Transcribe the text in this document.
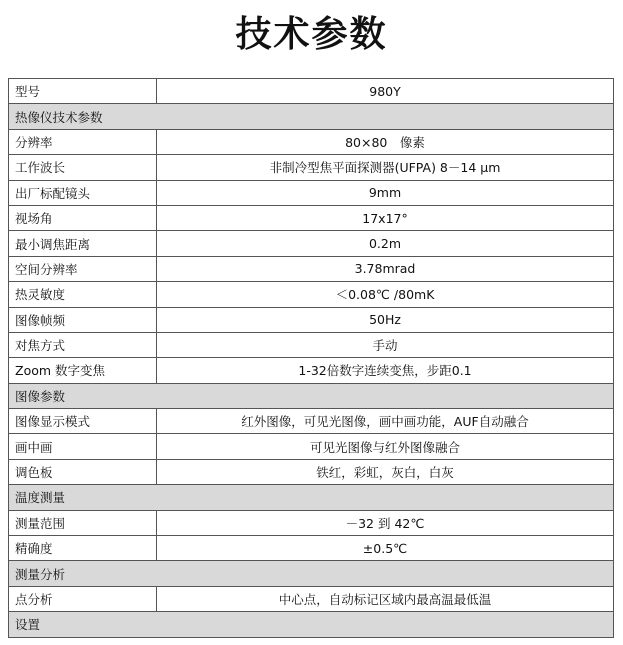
技术参数
型号	980Y
热像仪技术参数	
分辨率	80×80　像素
工作波长	非制冷型焦平面探测器(UFPA) 8－14 μm
出厂标配镜头	9mm
视场角	17x17°
最小调焦距离	0.2m
空间分辨率	3.78mrad
热灵敏度	＜0.08℃ /80mK
图像帧频	50Hz
对焦方式	手动
Zoom 数字变焦	1-32倍数字连续变焦，步距0.1
图像参数	
图像显示模式	红外图像，可见光图像，画中画功能，AUF自动融合
画中画	可见光图像与红外图像融合
调色板	铁红，彩虹，灰白，白灰
温度测量	
测量范围	－32 到 42℃
精确度	±0.5℃
测量分析	
点分析	中心点，自动标记区域内最高温最低温
设置	
